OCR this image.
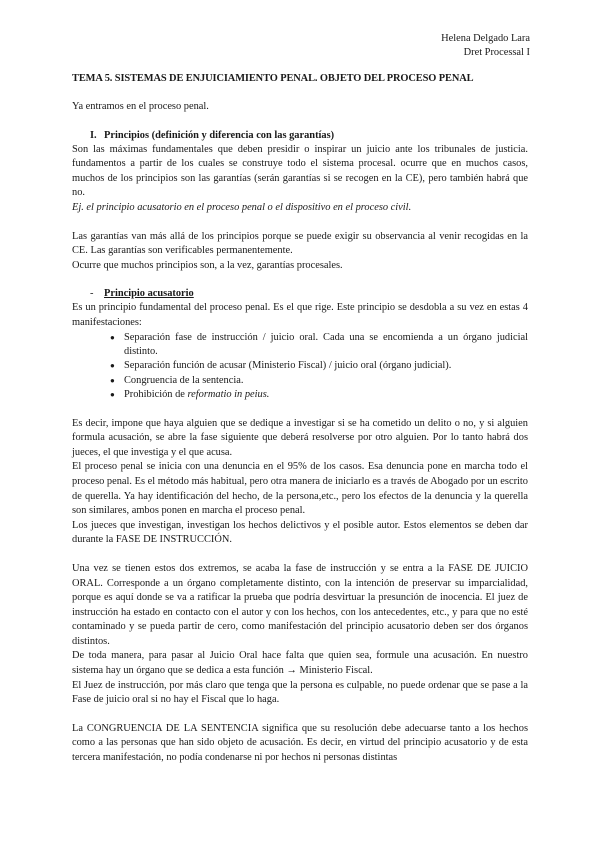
Helena Delgado Lara
Dret Processal I
TEMA 5. SISTEMAS DE ENJUICIAMIENTO PENAL. OBJETO DEL PROCESO PENAL

Ya entramos en el proceso penal.

I. Principios (definición y diferencia con las garantías)

Son las máximas fundamentales que deben presidir o inspirar un juicio ante los tribunales de justicia. fundamentos a partir de los cuales se construye todo el sistema procesal. ocurre que en muchos casos, muchos de los principios son las garantías (serán garantías si se recogen en la CE), pero también habrá que no.

Ej. el principio acusatorio en el proceso penal o el dispositivo en el proceso civil.

Las garantías van más allá de los principios porque se puede exigir su observancia al venir recogidas en la CE. Las garantías son verificables permanentemente.

Ocurre que muchos principios son, a la vez, garantías procesales.

- Principio acusatorio

Es un principio fundamental del proceso penal. Es el que rige. Este principio se desdobla a su vez en estas 4 manifestaciones:

● Separación fase de instrucción / juicio oral. Cada una se encomienda a un órgano judicial distinto.
● Separación función de acusar (Ministerio Fiscal) / juicio oral (órgano judicial).
● Congruencia de la sentencia.
● Prohibición de reformatio in peius.

Es decir, impone que haya alguien que se dedique a investigar si se ha cometido un delito o no, y si alguien formula acusación, se abre la fase siguiente que deberá resolverse por otro alguien. Por lo tanto habrá dos jueces, el que investiga y el que acusa.

El proceso penal se inicia con una denuncia en el 95% de los casos. Esa denuncia pone en marcha todo el proceso penal. Es el método más habitual, pero otra manera de iniciarlo es a través de Abogado por un escrito de querella. Ya hay identificación del hecho, de la persona,etc., pero los efectos de la denuncia y la querella son similares, ambos ponen en marcha el proceso penal.

Los jueces que investigan, investigan los hechos delictivos y el posible autor. Estos elementos se deben dar durante la FASE DE INSTRUCCIÓN.

Una vez se tienen estos dos extremos, se acaba la fase de instrucción y se entra a la FASE DE JUICIO ORAL. Corresponde a un órgano completamente distinto, con la intención de preservar su imparcialidad, porque es aquí donde se va a ratificar la prueba que podría desvirtuar la presunción de inocencia. El juez de instrucción ha estado en contacto con el autor y con los hechos, con los antecedentes, etc., y para que no esté contaminado y se pueda partir de cero, como manifestación del principio acusatorio deben ser dos órganos distintos.

De toda manera, para pasar al Juicio Oral hace falta que quien sea, formule una acusación. En nuestro sistema hay un órgano que se dedica a esta función → Ministerio Fiscal.

El Juez de instrucción, por más claro que tenga que la persona es culpable, no puede ordenar que se pase a la Fase de juicio oral si no hay el Fiscal que lo haga.

La CONGRUENCIA DE LA SENTENCIA significa que su resolución debe adecuarse tanto a los hechos como a las personas que han sido objeto de acusación. Es decir, en virtud del principio acusatorio y de esta tercera manifestación, no podía condenarse ni por hechos ni personas distintas
